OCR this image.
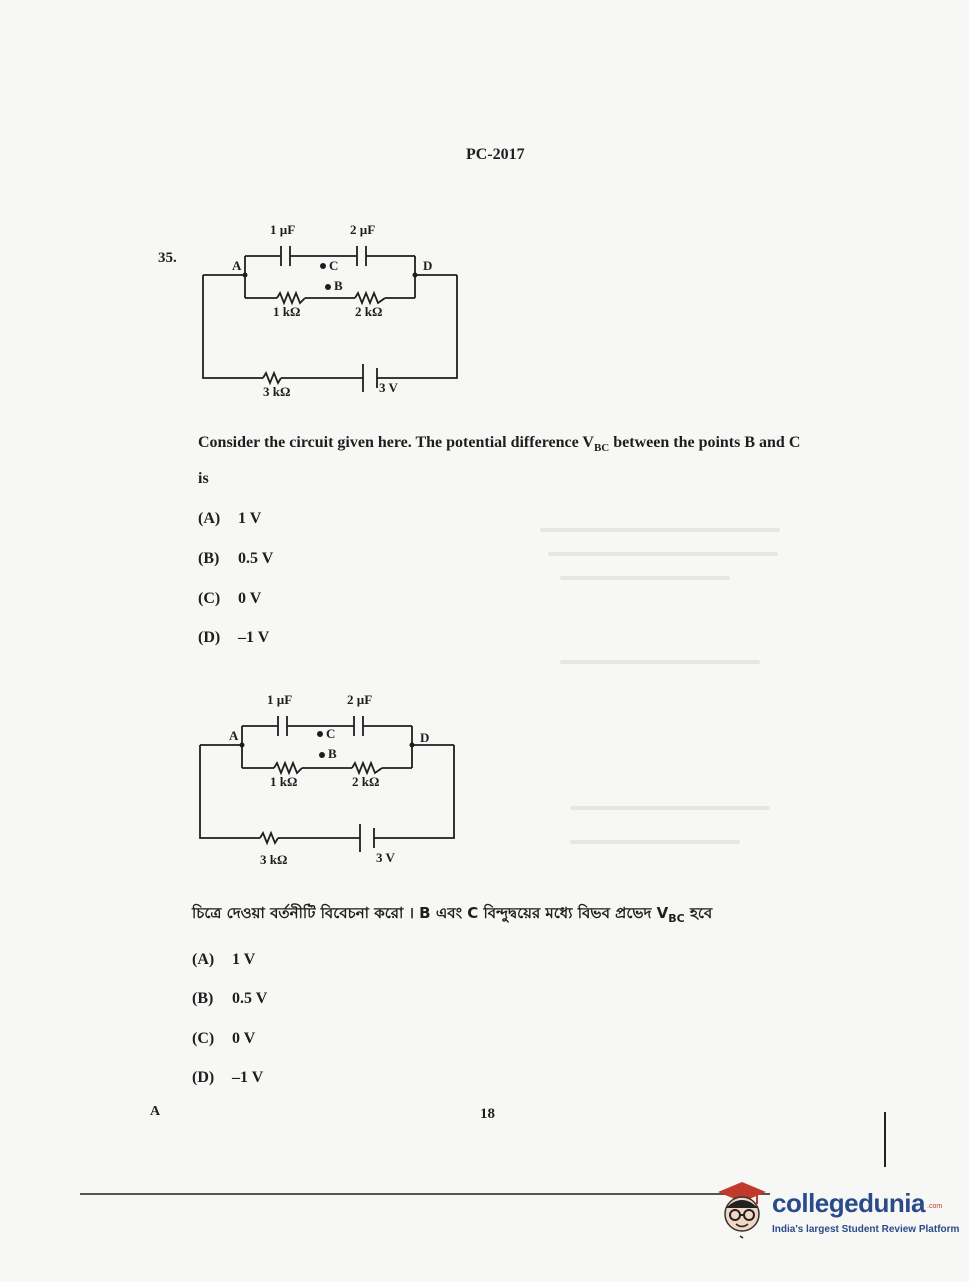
PC-2017
35.
1 µF	2 µF
A	C
B
D
1 kΩ	2 kΩ
3 kΩ	3 V
Consider the circuit given here. The potential difference $V_{BC}$ between the points B and C
is
(A) 1 V
(B) 0.5 V
(C) 0 V
(D) –1 V
1 µF	2 µF
A	C
B
D
1 kΩ	2 kΩ
3 kΩ	3 V
চিত্রে দেওয়া বর্তনীটি বিবেচনা করো । B এবং C বিন্দুদ্বয়ের মধ্যে বিভব প্রভেদ $V_{BC}$ হবে
(A) 1 V
(B) 0.5 V
(C) 0 V
(D) –1 V
A	18
collegedunia .com
India's largest Student Review Platform
